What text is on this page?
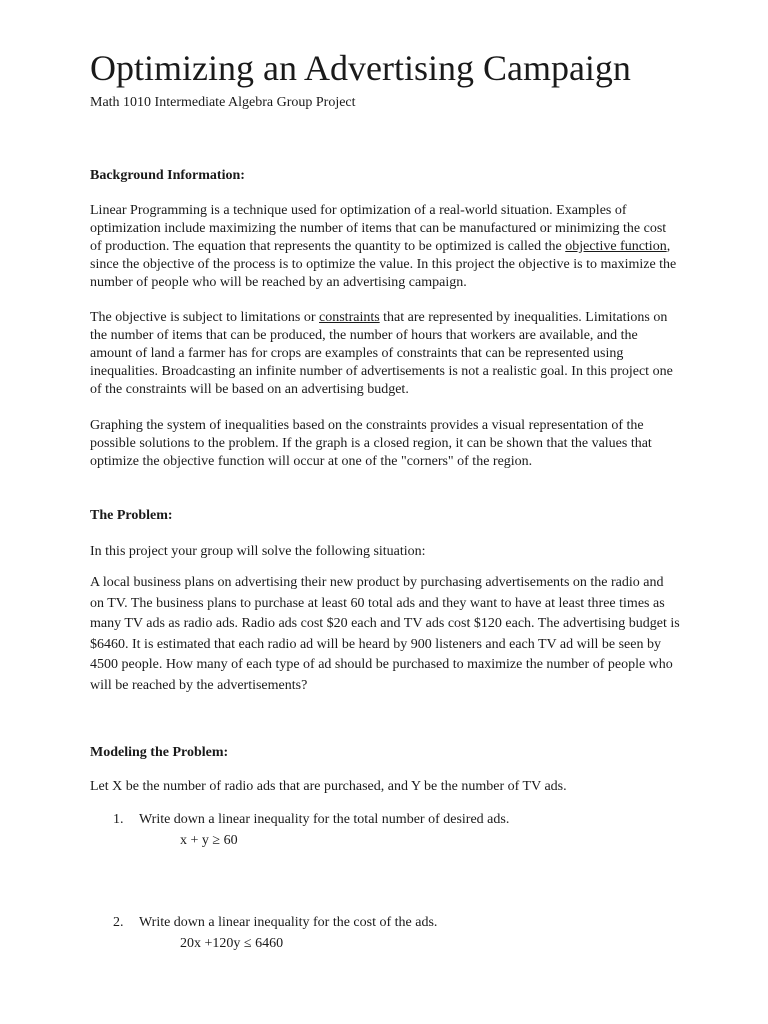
Optimizing an Advertising Campaign
Math 1010 Intermediate Algebra Group Project
Background Information:
Linear Programming is a technique used for optimization of a real-world situation. Examples of optimization include maximizing the number of items that can be manufactured or minimizing the cost of production. The equation that represents the quantity to be optimized is called the objective function, since the objective of the process is to optimize the value. In this project the objective is to maximize the number of people who will be reached by an advertising campaign.
The objective is subject to limitations or constraints that are represented by inequalities. Limitations on the number of items that can be produced, the number of hours that workers are available, and the amount of land a farmer has for crops are examples of constraints that can be represented using inequalities. Broadcasting an infinite number of advertisements is not a realistic goal. In this project one of the constraints will be based on an advertising budget.
Graphing the system of inequalities based on the constraints provides a visual representation of the possible solutions to the problem. If the graph is a closed region, it can be shown that the values that optimize the objective function will occur at one of the "corners" of the region.
The Problem:
In this project your group will solve the following situation:
A local business plans on advertising their new product by purchasing advertisements on the radio and on TV. The business plans to purchase at least 60 total ads and they want to have at least three times as many TV ads as radio ads. Radio ads cost $20 each and TV ads cost $120 each. The advertising budget is $6460. It is estimated that each radio ad will be heard by 900 listeners and each TV ad will be seen by 4500 people. How many of each type of ad should be purchased to maximize the number of people who will be reached by the advertisements?
Modeling the Problem:
Let X be the number of radio ads that are purchased, and Y be the number of TV ads.
1. Write down a linear inequality for the total number of desired ads.
x + y ≥ 60
2. Write down a linear inequality for the cost of the ads.
20x +120y ≤ 6460
